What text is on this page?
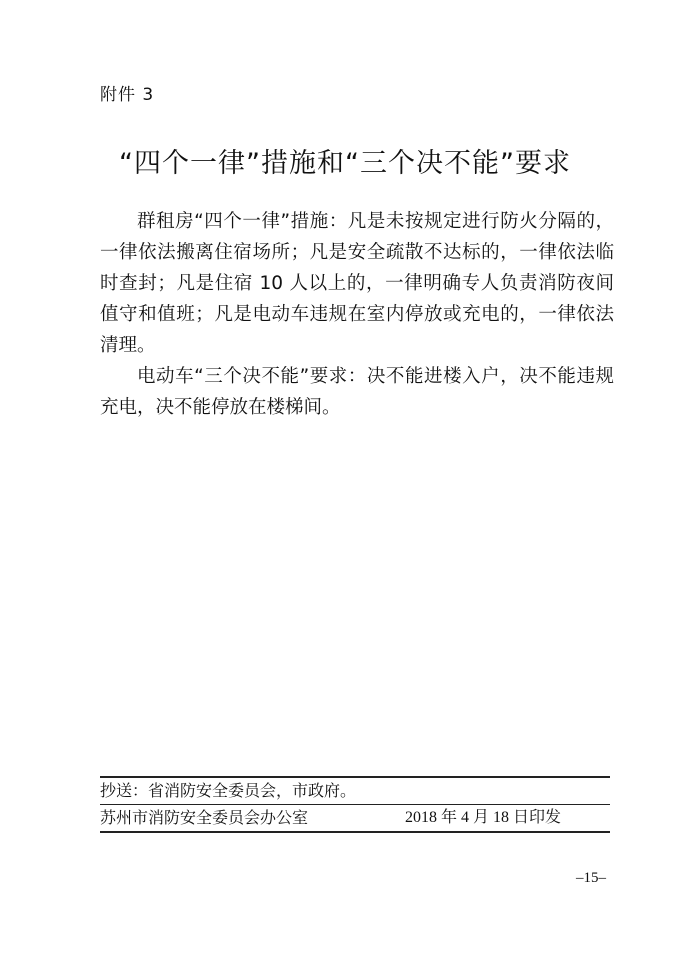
附件 3
“四个一律”措施和“三个决不能”要求

群租房“四个一律”措施：凡是未按规定进行防火分隔的，一律依法搬离住宿场所；凡是安全疏散不达标的，一律依法临时查封；凡是住宿 10 人以上的，一律明确专人负责消防夜间值守和值班；凡是电动车违规在室内停放或充电的，一律依法清理。

电动车“三个决不能”要求：决不能进楼入户，决不能违规充电，决不能停放在楼梯间。

抄送：省消防安全委员会，市政府。
苏州市消防安全委员会办公室	2018 年 4 月 18 日印发
–15–
